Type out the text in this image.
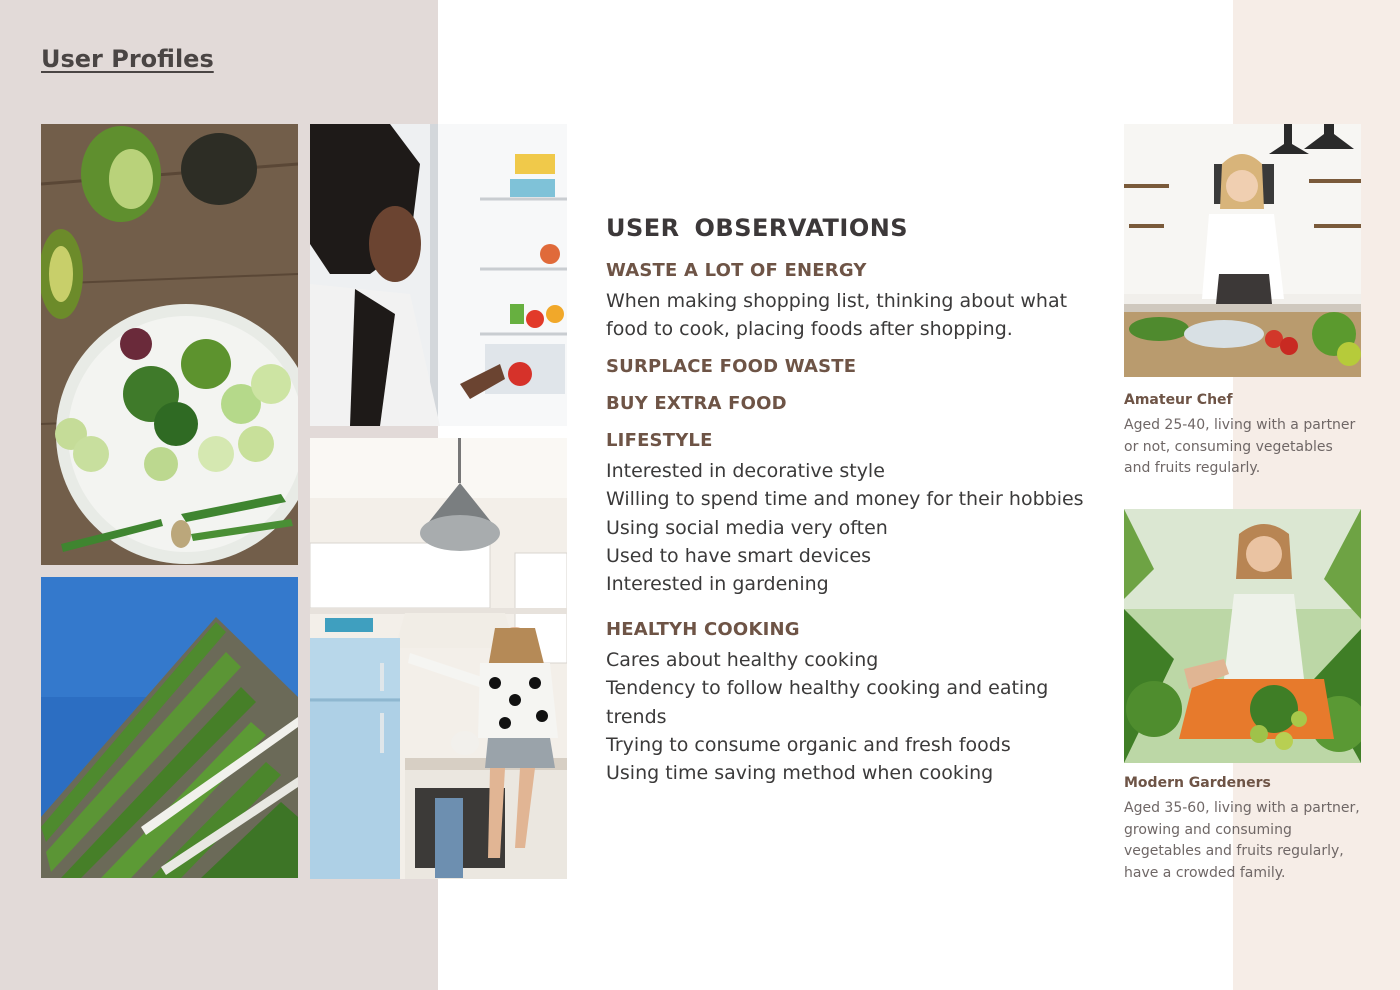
User Profiles
USER OBSERVATIONS
WASTE A LOT OF ENERGY

When making shopping list, thinking about what

food to cook, placing foods after shopping.

SURPLACE FOOD WASTE
BUY EXTRA FOOD
LIFESTYLE

Interested in decorative style

Willing to spend time and money for their hobbies

Using social media very often

Used to have smart devices

Interested in gardening

HEALTYH COOKING

Cares about healthy cooking

Tendency to follow healthy cooking and eating

trends

Trying to consume organic and fresh foods

Using time saving method when cooking

Amateur Chef

Aged 25-40, living with a partner
or not, consuming vegetables
and fruits regularly.

Modern Gardeners

Aged 35-60, living with a partner,
growing and consuming
vegetables and fruits regularly,
have a crowded family.
